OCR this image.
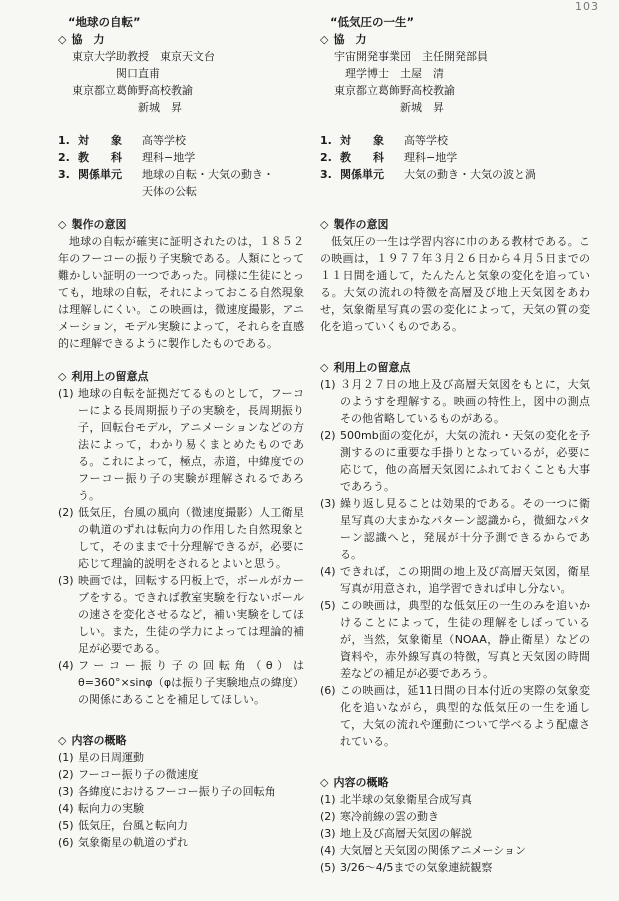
103
“地球の自転”
◇ 協　力
東京大学助教授　東京天文台
　　　　関口直甫
東京都立葛飾野高校教諭
　　　　　　新城　昇
1. 対　　象	高等学校
2. 教　　科	理科−地学
3. 関係単元	地球の自転・大気の動き・
天体の公転
◇ 製作の意図
地球の自転が確実に証明されたのは，１８５２年のフーコーの振り子実験である。人類にとって難かしい証明の一つであった。同様に生徒にとっても，地球の自転，それによっておこる自然現象は理解しにくい。この映画は，微速度撮影，アニメーション，モデル実験によって，それらを直感的に理解できるように製作したものである。
◇ 利用上の留意点
(1) 地球の自転を証拠だてるものとして，フーコーによる長周期振り子の実験を，長周期振り子，回転台モデル，アニメーションなどの方法によって，わかり易くまとめたものである。これによって，極点，赤道，中緯度でのフーコー振り子の実験が理解されるであろう。
(2) 低気圧，台風の風向（微速度撮影）人工衛星の軌道のずれは転向力の作用した自然現象として，そのままで十分理解できるが，必要に応じて理論的説明をされるとよいと思う。
(3) 映画では，回転する円板上で，ボールがカーブをする。できれば教室実験を行ないボールの速さを変化させるなど，補い実験をしてほしい。また，生徒の学力によっては理論的補足が必要である。
(4) フーコー振り子の回転角（θ）は θ=360°×sinφ（φは振り子実験地点の緯度）の関係にあることを補足してほしい。
◇ 内容の概略
(1) 星の日周運動
(2) フーコー振り子の微速度
(3) 各緯度におけるフーコー振り子の回転角
(4) 転向力の実験
(5) 低気圧，台風と転向力
(6) 気象衛星の軌道のずれ
“低気圧の一生”
◇ 協　力
宇宙開発事業団　主任開発部員
　理学博士　土屋　清
東京都立葛飾野高校教諭
　　　　　　新城　昇
1. 対　　象	高等学校
2. 教　　科	理科−地学
3. 関係単元	大気の動き・大気の波と渦
◇ 製作の意図
低気圧の一生は学習内容に巾のある教材である。この映画は，１９７７年３月２６日から４月５日までの１１日間を通して，たんたんと気象の変化を追っている。大気の流れの特徴を高層及び地上天気図をあわせ，気象衛星写真の雲の変化によって，天気の質の変化を追っていくものである。
◇ 利用上の留意点
(1) ３月２７日の地上及び高層天気図をもとに，大気のようすを理解する。映画の特性上，図中の測点その他省略しているものがある。
(2) 500mb面の変化が，大気の流れ・天気の変化を予測するのに重要な手掛りとなっているが，必要に応じて，他の高層天気図にふれておくことも大事であろう。
(3) 繰り返し見ることは効果的である。その一つに衛星写真の大まかなパターン認識から，微細なパターン認識へと，発展が十分予測できるからである。
(4) できれば，この期間の地上及び高層天気図，衛星写真が用意され，追学習できれば申し分ない。
(5) この映画は，典型的な低気圧の一生のみを追いかけることによって，生徒の理解をしぼっているが，当然，気象衛星（NOAA，静止衛星）などの資料や，赤外線写真の特徴，写真と天気図の時間差などの補足が必要であろう。
(6) この映画は，延11日間の日本付近の実際の気象変化を追いながら，典型的な低気圧の一生を通して，大気の流れや運動について学べるよう配慮されている。
◇ 内容の概略
(1) 北半球の気象衛星合成写真
(2) 寒冷前線の雲の動き
(3) 地上及び高層天気図の解説
(4) 大気層と天気図の関係アニメーション
(5) 3/26〜4/5までの気象連続観察
